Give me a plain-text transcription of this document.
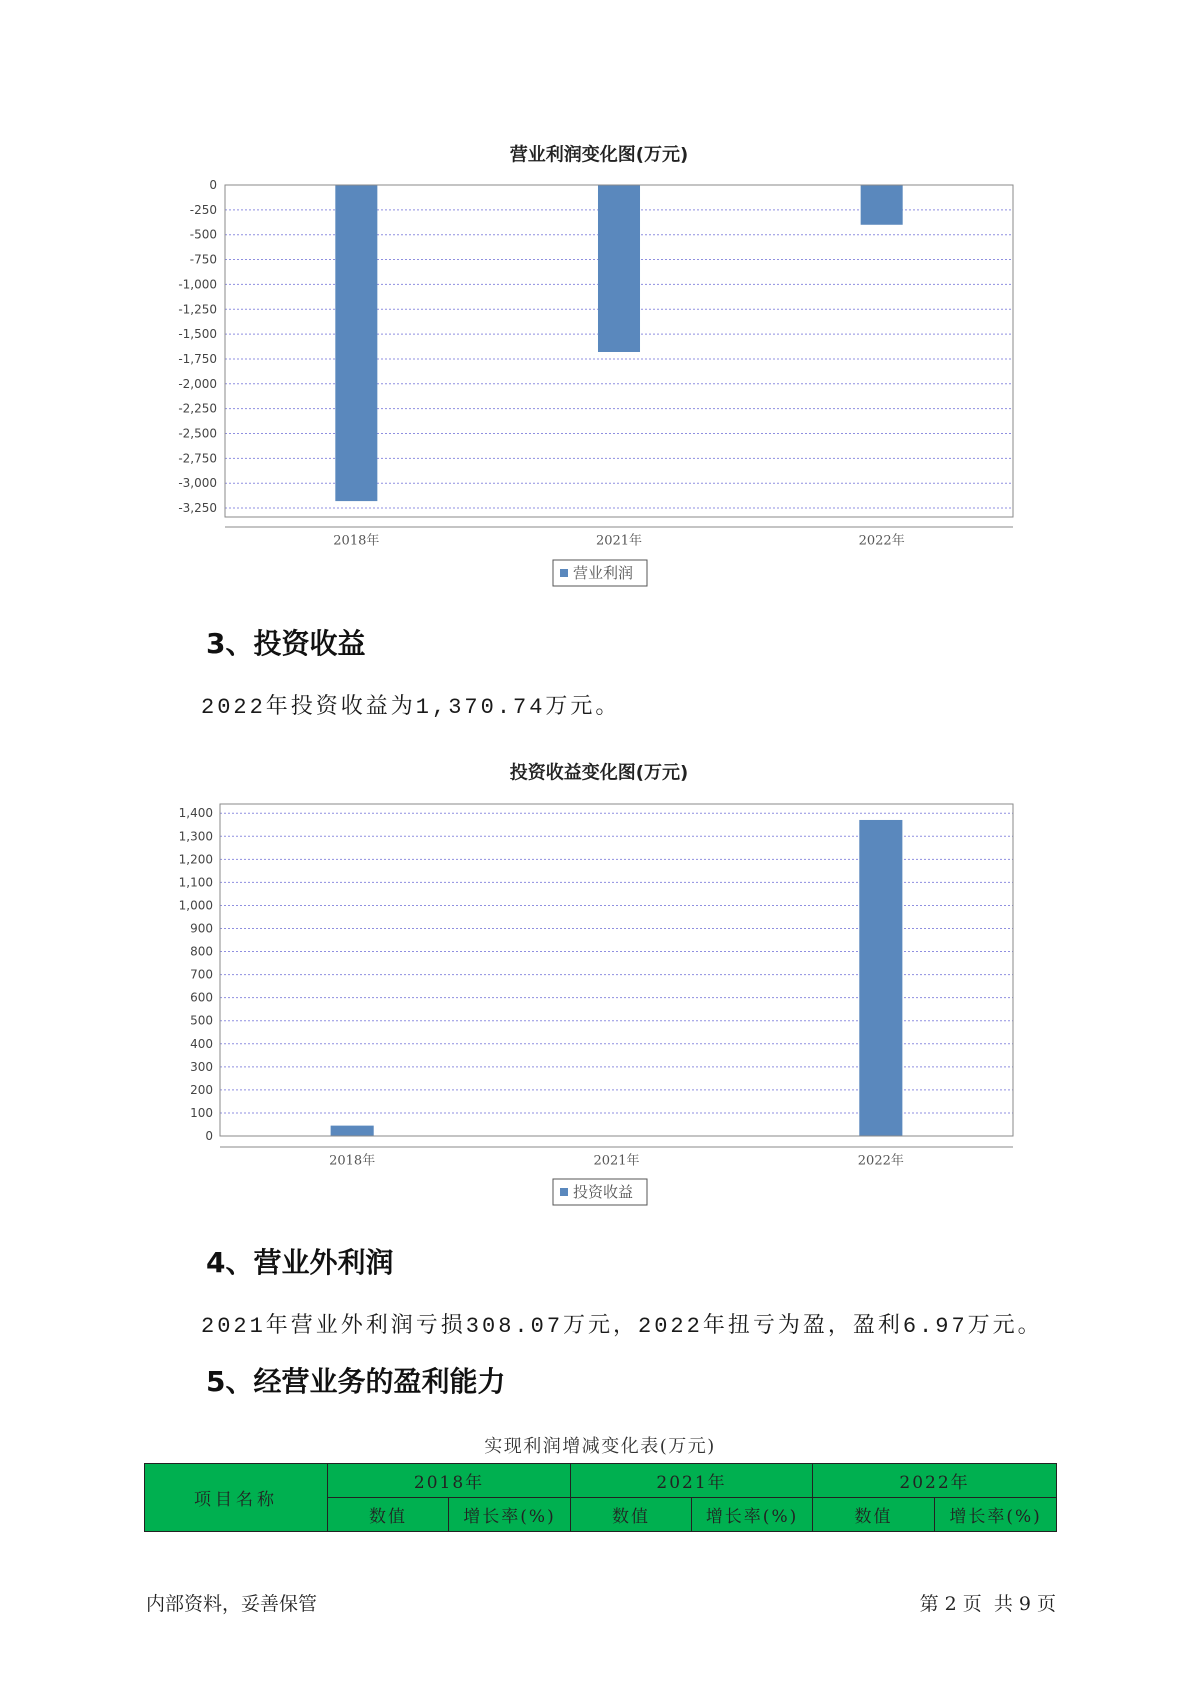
营业利润变化图(万元)
0
-250
-500
-750
-1,000
-1,250
-1,500
-1,750
-2,000
-2,250
-2,500
-2,750
-3,000
-3,250
2018年	2021年	2022年
营业利润
3、投资收益

2022年投资收益为1,370.74万元。

投资收益变化图(万元)
1,400
1,300
1,200
1,100
1,000
900
800
700
600
500
400
300
200
100
0
2018年	2021年	2022年
投资收益
4、营业外利润

2021年营业外利润亏损308.07万元，2022年扭亏为盈，盈利6.97万元。

5、经营业务的盈利能力
实现利润增减变化表(万元)
项目名称	2018年		2021年		2022年	
	数值	增长率(%)	数值	增长率(%)	数值	增长率(%)
内部资料，妥善保管	第 2 页  共 9 页
